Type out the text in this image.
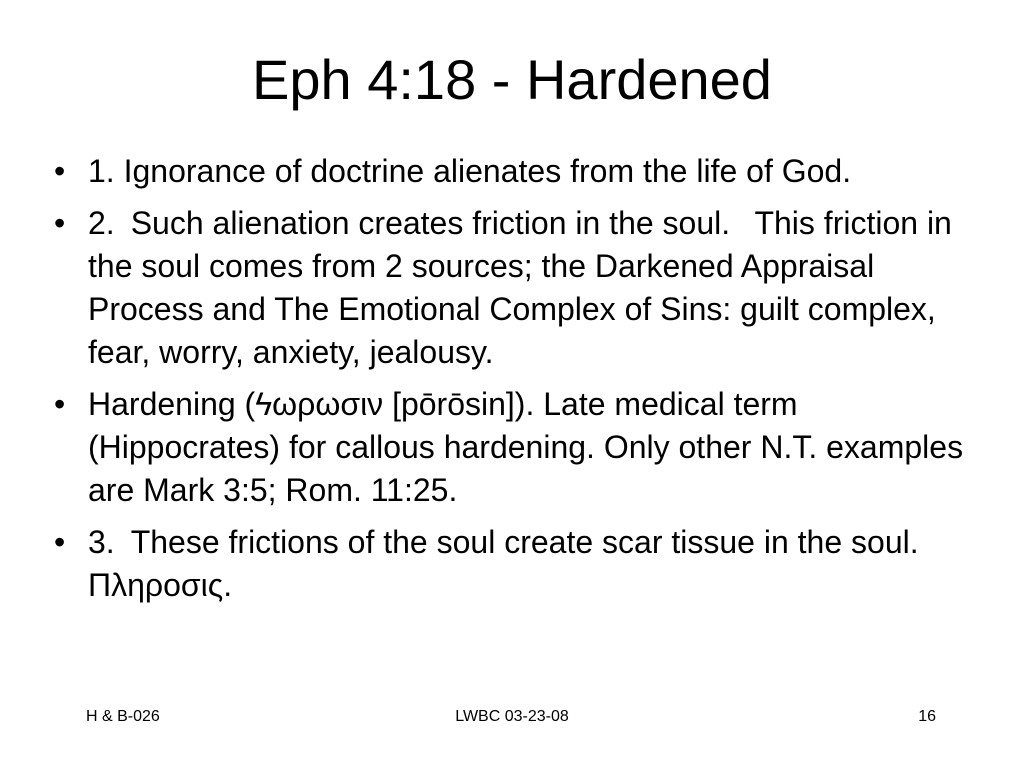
Eph 4:18 - Hardened
• 1. Ignorance of doctrine alienates from the life of God.
• 2. Such alienation creates friction in the soul.  This friction in the soul comes from 2 sources; the Darkened Appraisal Process and The Emotional Complex of Sins: guilt complex, fear, worry, anxiety, jealousy.
• Hardening (ϟωρωσιν [pōrōsin]). Late medical term (Hippocrates) for callous hardening. Only other N.T. examples are Mark 3:5; Rom. 11:25.
• 3. These frictions of the soul create scar tissue in the soul.  Πληροσις.
H & B-026	LWBC 03-23-08	16
